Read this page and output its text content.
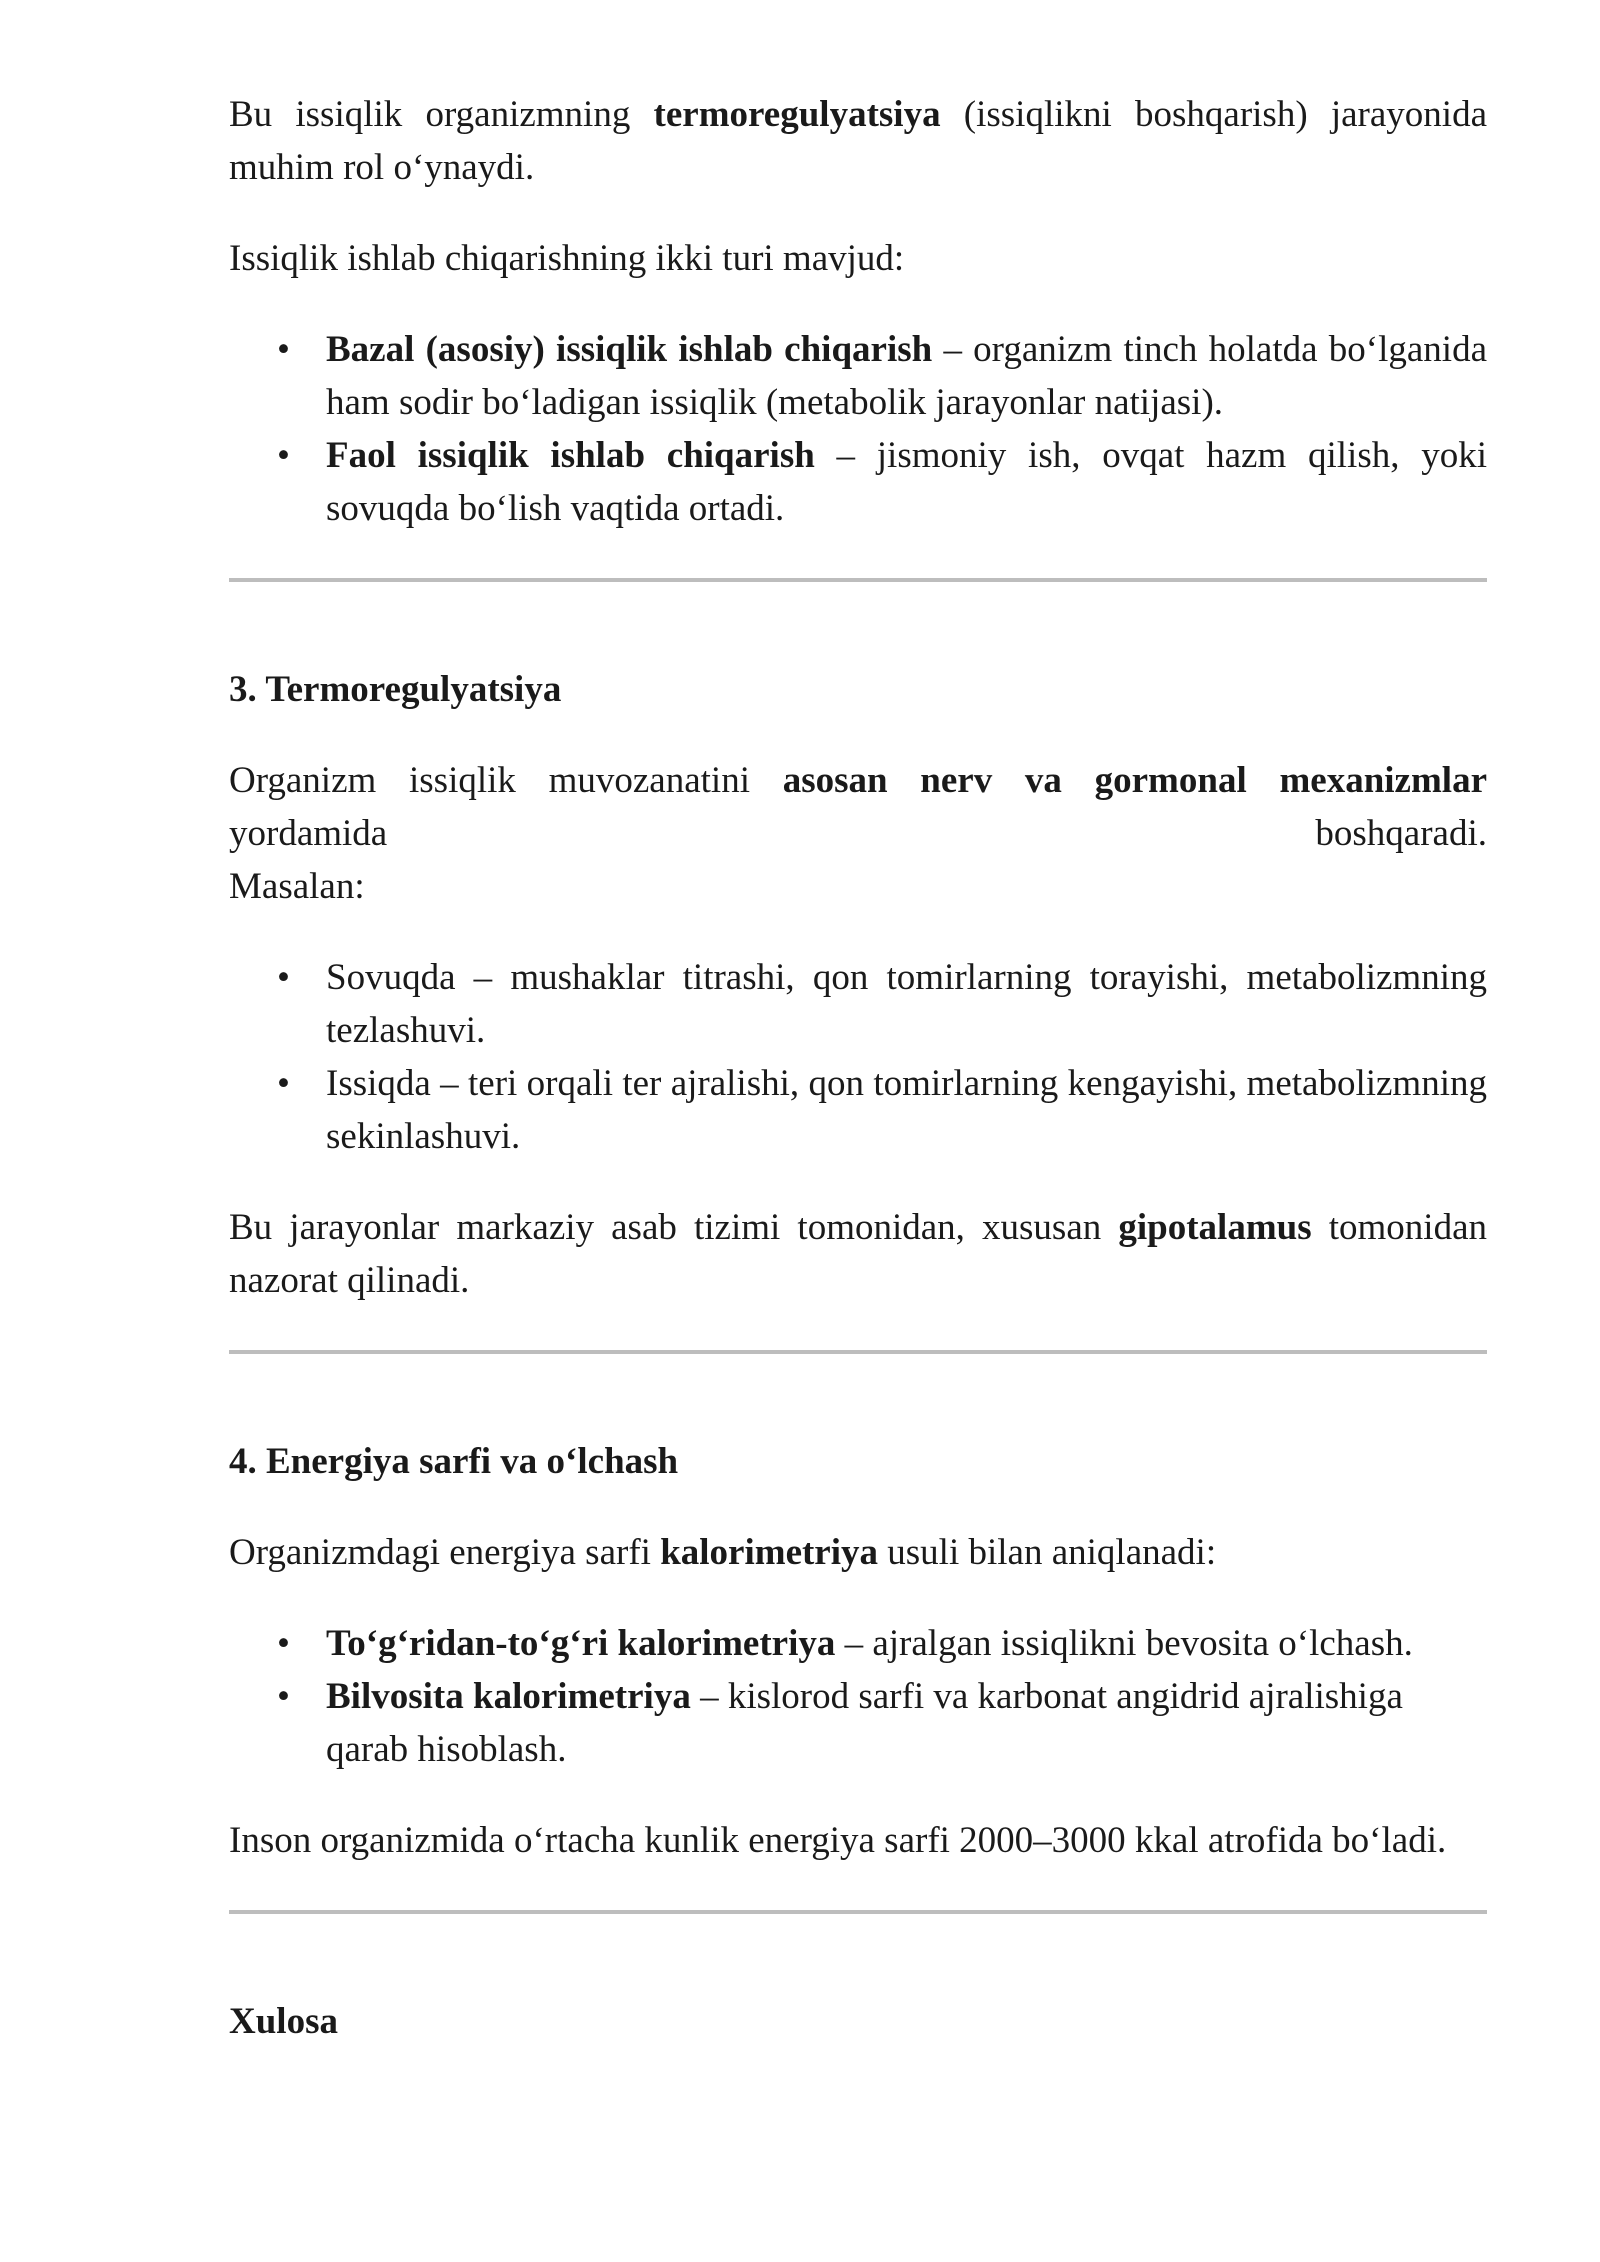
Bu issiqlik organizmning termoregulyatsiya (issiqlikni boshqarish) jarayonida muhim rol o‘ynaydi.

Issiqlik ishlab chiqarishning ikki turi mavjud:

• Bazal (asosiy) issiqlik ishlab chiqarish – organizm tinch holatda bo‘lganida ham sodir bo‘ladigan issiqlik (metabolik jarayonlar natijasi).
• Faol issiqlik ishlab chiqarish – jismoniy ish, ovqat hazm qilish, yoki sovuqda bo‘lish vaqtida ortadi.
3. Termoregulyatsiya

Organizm issiqlik muvozanatini asosan nerv va gormonal mexanizmlar

yordamida boshqaradi.

Masalan:

• Sovuqda – mushaklar titrashi, qon tomirlarning torayishi, metabolizmning tezlashuvi.
• Issiqda – teri orqali ter ajralishi, qon tomirlarning kengayishi, metabolizmning sekinlashuvi.

Bu jarayonlar markaziy asab tizimi tomonidan, xususan gipotalamus tomonidan nazorat qilinadi.

4. Energiya sarfi va o‘lchash

Organizmdagi energiya sarfi kalorimetriya usuli bilan aniqlanadi:

• To‘g‘ridan-to‘g‘ri kalorimetriya – ajralgan issiqlikni bevosita o‘lchash.
• Bilvosita kalorimetriya – kislorod sarfi va karbonat angidrid ajralishiga qarab hisoblash.

Inson organizmida o‘rtacha kunlik energiya sarfi 2000–3000 kkal atrofida bo‘ladi.

Xulosa
